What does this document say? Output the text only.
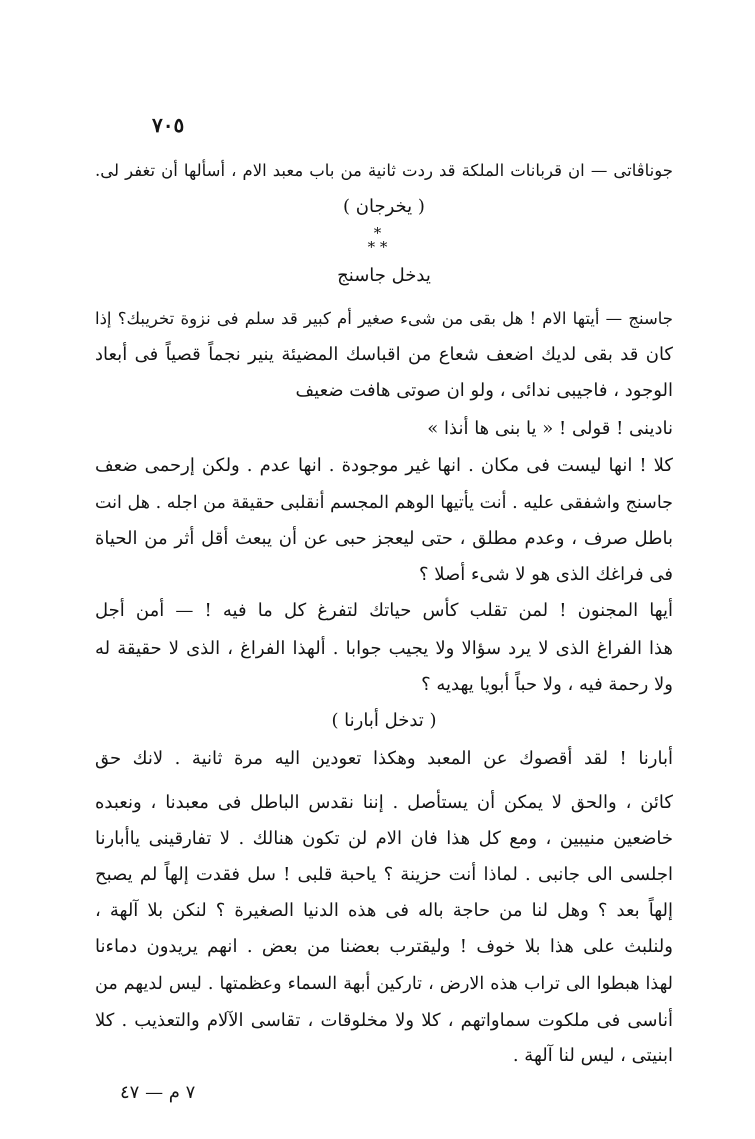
٧٠٥
جوناڤاتى — ان قربانات الملكة قد ردت ثانية من باب معبد الام ، أسألها أن تغفر لى.
( يخرجان )
*
* *
يدخل جاسنج
جاسنج — أيتها الام ! هل بقى من شىء صغير أم كبير قد سلم فى نزوة تخريبك؟ إذا
كان قد بقى لديك اضعف شعاع من اقباسك المضيئة ينير نجماً قصياً فى أبعاد
الوجود ، فاجيبى ندائى ، ولو ان صوتى هافت ضعيف
نادينى ! قولى ! « يا بنى ها أنذا »
كلا ! انها ليست فى مكان . انها غير موجودة . انها عدم . ولكن إرحمى ضعف
جاسنج واشفقى عليه . أنت يأتيها الوهم المجسم أنقلبى حقيقة من اجله . هل انت
باطل صرف ، وعدم مطلق ، حتى ليعجز حبى عن أن يبعث أقل أثر من الحياة
فى فراغك الذى هو لا شىء أصلا ؟
أيها المجنون ! لمن تقلب كأس حياتك لتفرغ كل ما فيه ! — أمن أجل
هذا الفراغ الذى لا يرد سؤالا ولا يجيب جوابا . ألهذا الفراغ ، الذى لا حقيقة له
ولا رحمة فيه ، ولا حباً أبويا يهديه ؟
( تدخل أبارنا )
أبارنا ! لقد أقصوك عن المعبد وهكذا تعودين اليه مرة ثانية . لانك حق
كائن ، والحق لا يمكن أن يستأصل . إننا نقدس الباطل فى معبدنا ، ونعبده
خاضعين منيبين ، ومع كل هذا فان الام لن تكون هنالك . لا تفارقينى ياأبارنا
اجلسى الى جانبى . لماذا أنت حزينة ؟ ياحبة قلبى ! سل فقدت إلهاً لم يصبح
إلهاً بعد ؟ وهل لنا من حاجة باله فى هذه الدنيا الصغيرة ؟ لنكن بلا آلهة ،
ولنلبث على هذا بلا خوف ! وليقترب بعضنا من بعض . انهم يريدون دماءنا
لهذا هبطوا الى تراب هذه الارض ، تاركين أبهة السماء وعظمتها . ليس لديهم من
أناسى فى ملكوت سماواتهم ، كلا ولا مخلوقات ، تقاسى الآلام والتعذيب . كلا
ابنيتى ، ليس لنا آلهة .
٧ م — ٤٧
